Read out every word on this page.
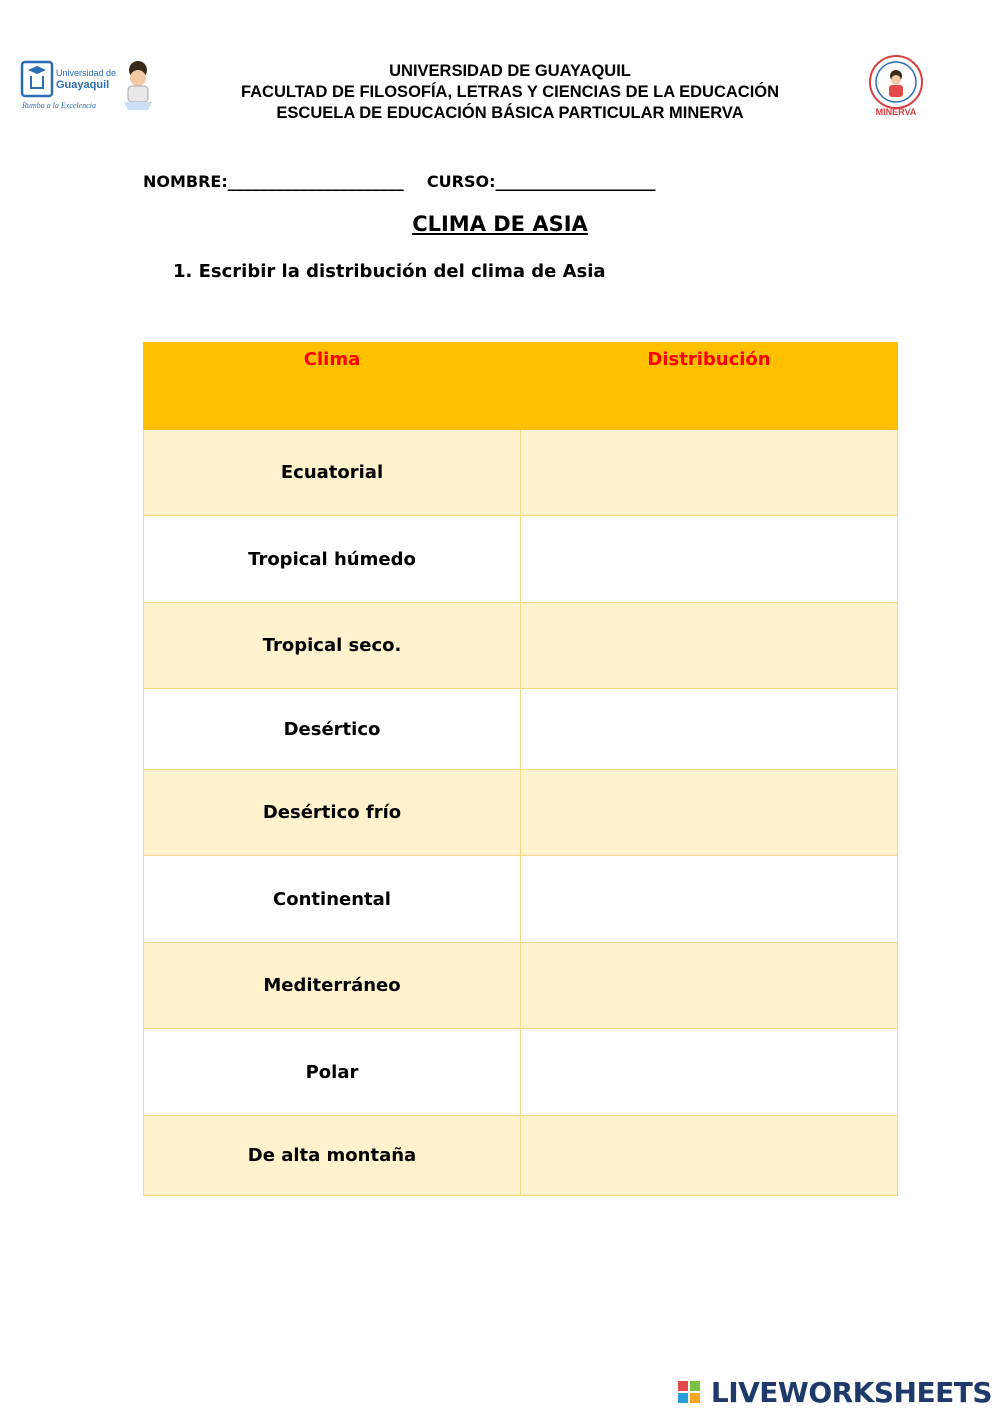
Universidad de
Guayaquil
Rumbo a la Excelencia
UNIVERSIDAD DE GUAYAQUIL
FACULTAD DE FILOSOFÍA, LETRAS Y CIENCIAS DE LA EDUCACIÓN
ESCUELA DE EDUCACIÓN BÁSICA PARTICULAR MINERVA	MINERVA
NOMBRE:______________________ CURSO:____________________
CLIMA DE ASIA
1. Escribir la distribución del clima de Asia
Clima	Distribución
Ecuatorial	
Tropical húmedo	
Tropical seco.	
Desértico	
Desértico frío	
Continental	
Mediterráneo	
Polar	
De alta montaña	
LIVEWORKSHEETS
